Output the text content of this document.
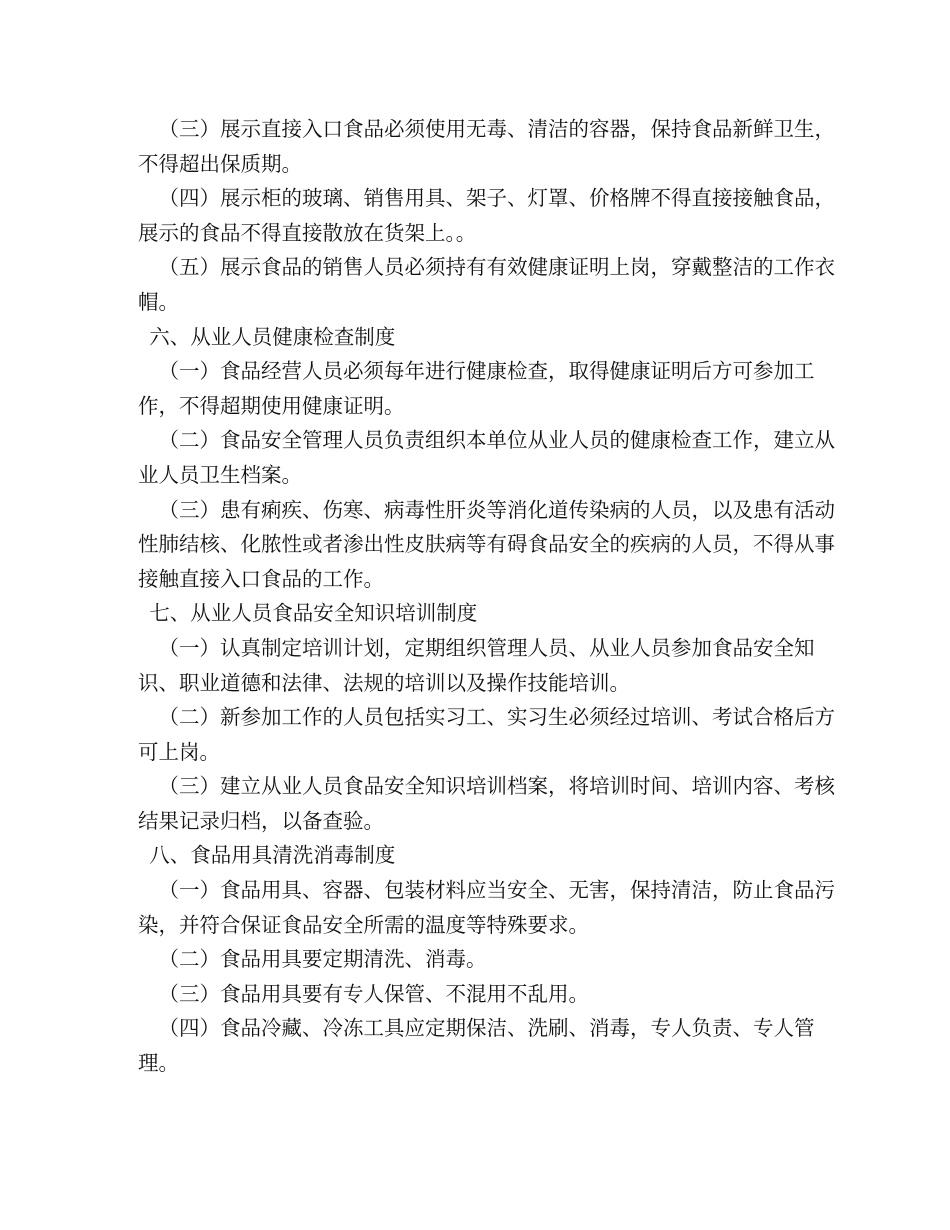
（三）展示直接入口食品必须使用无毒、清洁的容器，保持食品新鲜卫生，不得超出保质期。

（四）展示柜的玻璃、销售用具、架子、灯罩、价格牌不得直接接触食品，展示的食品不得直接散放在货架上。。

（五）展示食品的销售人员必须持有有效健康证明上岗，穿戴整洁的工作衣帽。

六、从业人员健康检查制度

（一）食品经营人员必须每年进行健康检查，取得健康证明后方可参加工作，不得超期使用健康证明。

（二）食品安全管理人员负责组织本单位从业人员的健康检查工作，建立从业人员卫生档案。

（三）患有痢疾、伤寒、病毒性肝炎等消化道传染病的人员，以及患有活动性肺结核、化脓性或者渗出性皮肤病等有碍食品安全的疾病的人员，不得从事接触直接入口食品的工作。

七、从业人员食品安全知识培训制度

（一）认真制定培训计划，定期组织管理人员、从业人员参加食品安全知识、职业道德和法律、法规的培训以及操作技能培训。

（二）新参加工作的人员包括实习工、实习生必须经过培训、考试合格后方可上岗。

（三）建立从业人员食品安全知识培训档案，将培训时间、培训内容、考核结果记录归档，以备查验。

八、食品用具清洗消毒制度

（一）食品用具、容器、包装材料应当安全、无害，保持清洁，防止食品污染，并符合保证食品安全所需的温度等特殊要求。

（二）食品用具要定期清洗、消毒。

（三）食品用具要有专人保管、不混用不乱用。

（四）食品冷藏、冷冻工具应定期保洁、洗刷、消毒，专人负责、专人管理。
